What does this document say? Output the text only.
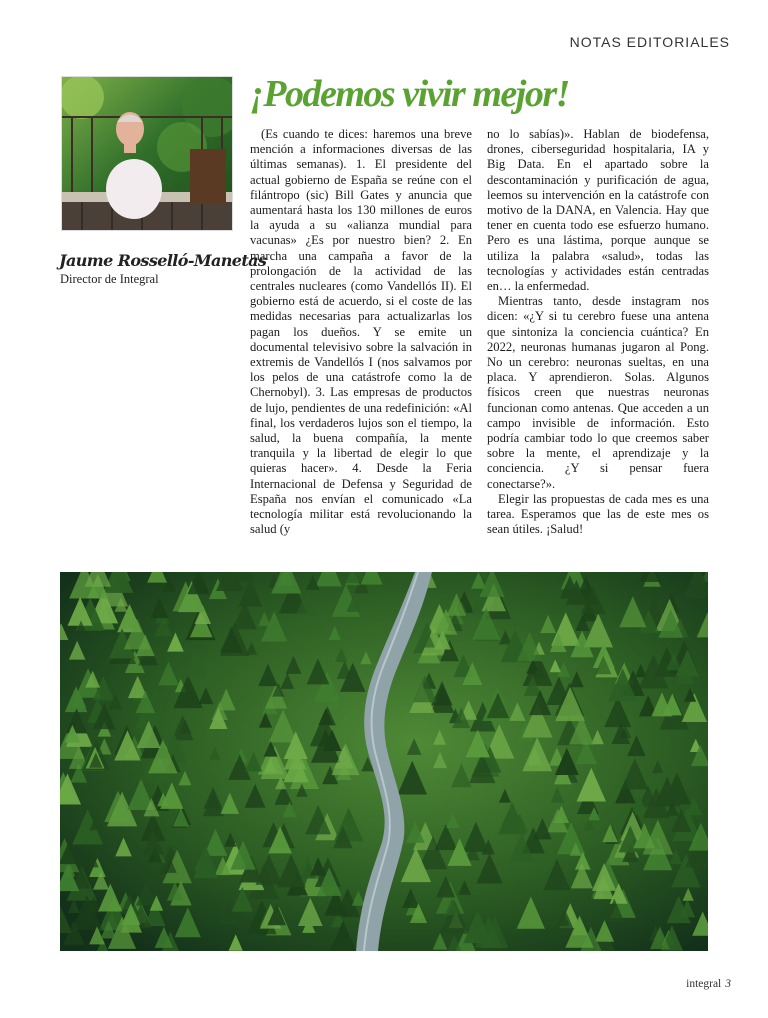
NOTAS EDITORIALES
Jaume Rosselló-Manetas
Director de Integral
¡Podemos vivir mejor!

(Es cuando te dices: haremos una breve mención a informaciones diversas de las últimas semanas). 1. El presidente del actual gobierno de España se reúne con el filántropo (sic) Bill Gates y anuncia que aumentará hasta los 130 millones de euros la ayuda a su «alianza mundial para vacunas» ¿Es por nuestro bien? 2. En marcha una campaña a favor de la prolongación de la actividad de las centrales nucleares (como Vandellós II). El gobierno está de acuerdo, si el coste de las medidas necesarias para actualizarlas los pagan los dueños. Y se emite un documental televisivo sobre la salvación in extremis de Vandellós I (nos salvamos por los pelos de una catástrofe como la de Chernobyl). 3. Las empresas de productos de lujo, pendientes de una redefinición: «Al final, los verdaderos lujos son el tiempo, la salud, la buena compañía, la mente tranquila y la libertad de elegir lo que quieras hacer». 4. Desde la Feria Internacional de Defensa y Seguridad de España nos envían el comunicado «La tecnología militar está revolucionando la salud (y

no lo sabías)». Hablan de biodefensa, drones, ciberseguridad hospitalaria, IA y Big Data. En el apartado sobre la descontaminación y purificación de agua, leemos su intervención en la catástrofe con motivo de la DANA, en Valencia. Hay que tener en cuenta todo ese esfuerzo humano. Pero es una lástima, porque aunque se utiliza la palabra «salud», todas las tecnologías y actividades están centradas en… la enfermedad.

Mientras tanto, desde instagram nos dicen: «¿Y si tu cerebro fuese una antena que sintoniza la conciencia cuántica? En 2022, neuronas humanas jugaron al Pong. No un cerebro: neuronas sueltas, en una placa. Y aprendieron. Solas. Algunos físicos creen que nuestras neuronas funcionan como antenas. Que acceden a un campo invisible de información. Esto podría cambiar todo lo que creemos saber sobre la mente, el aprendizaje y la conciencia. ¿Y si pensar fuera conectarse?».

Elegir las propuestas de cada mes es una tarea. Esperamos que las de este mes os sean útiles. ¡Salud!

integral 3
